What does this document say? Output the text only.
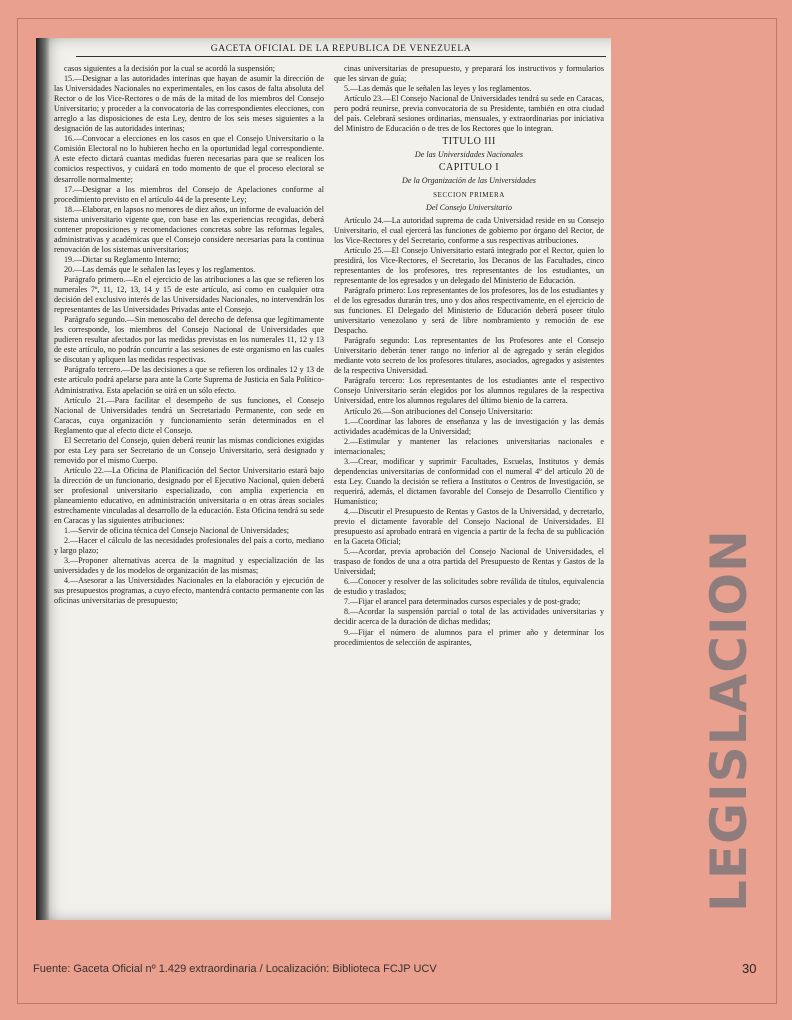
GACETA OFICIAL DE LA REPUBLICA DE VENEZUELA

casos siguientes a la decisión por la cual se acordó la suspensión;

15.—Designar a las autoridades interinas que hayan de asumir la dirección de las Universidades Nacionales no experimentales, en los casos de falta absoluta del Rector o de los Vice-Rectores o de más de la mitad de los miembros del Consejo Universitario; y proceder a la convocatoria de las correspondientes elecciones, con arreglo a las disposiciones de esta Ley, dentro de los seis meses siguientes a la designación de las autoridades interinas;

16.—Convocar a elecciones en los casos en que el Consejo Universitario o la Comisión Electoral no lo hubieren hecho en la oportunidad legal correspondiente. A este efecto dictará cuantas medidas fueren necesarias para que se realicen los comicios respectivos, y cuidará en todo momento de que el proceso electoral se desarrolle normalmente;

17.—Designar a los miembros del Consejo de Apelaciones conforme al procedimiento previsto en el artículo 44 de la presente Ley;

18.—Elaborar, en lapsos no menores de diez años, un informe de evaluación del sistema universitario vigente que, con base en las experiencias recogidas, deberá contener proposiciones y recomendaciones concretas sobre las reformas legales, administrativas y académicas que el Consejo considere necesarias para la continua renovación de los sistemas universitarios;

19.—Dictar su Reglamento Interno;

20.—Las demás que le señalen las leyes y los reglamentos.

Parágrafo primero.—En el ejercicio de las atribuciones a las que se refieren los numerales 7º, 11, 12, 13, 14 y 15 de este artículo, así como en cualquier otra decisión del exclusivo interés de las Universidades Nacionales, no intervendrán los representantes de las Universidades Privadas ante el Consejo.

Parágrafo segundo.—Sin menoscabo del derecho de defensa que legítimamente les corresponde, los miembros del Consejo Nacional de Universidades que pudieren resultar afectados por las medidas previstas en los numerales 11, 12 y 13 de este artículo, no podrán concurrir a las sesiones de este organismo en las cuales se discutan y apliquen las medidas respectivas.

Parágrafo tercero.—De las decisiones a que se refieren los ordinales 12 y 13 de este artículo podrá apelarse para ante la Corte Suprema de Justicia en Sala Político-Administrativa. Esta apelación se oirá en un sólo efecto.

Artículo 21.—Para facilitar el desempeño de sus funciones, el Consejo Nacional de Universidades tendrá un Secretariado Permanente, con sede en Caracas, cuya organización y funcionamiento serán determinados en el Reglamento que al efecto dicte el Consejo.

El Secretario del Consejo, quien deberá reunir las mismas condiciones exigidas por esta Ley para ser Secretario de un Consejo Universitario, será designado y removido por el mismo Cuerpo.

Artículo 22.—La Oficina de Planificación del Sector Universitario estará bajo la dirección de un funcionario, designado por el Ejecutivo Nacional, quien deberá ser profesional universitario especializado, con amplia experiencia en planeamiento educativo, en administración universitaria o en otras áreas sociales estrechamente vinculadas al desarrollo de la educación. Esta Oficina tendrá su sede en Caracas y las siguientes atribuciones:

1.—Servir de oficina técnica del Consejo Nacional de Universidades;

2.—Hacer el cálculo de las necesidades profesionales del país a corto, mediano y largo plazo;

3.—Proponer alternativas acerca de la magnitud y especialización de las universidades y de los modelos de organización de las mismas;

4.—Asesorar a las Universidades Nacionales en la elaboración y ejecución de sus presupuestos programas, a cuyo efecto, mantendrá contacto permanente con las oficinas universitarias de presupuesto;

cinas universitarias de presupuesto, y preparará los instructivos y formularios que les sirvan de guía;

5.—Las demás que le señalen las leyes y los reglamentos.

Artículo 23.—El Consejo Nacional de Universidades tendrá su sede en Caracas, pero podrá reunirse, previa convocatoria de su Presidente, también en otra ciudad del país. Celebrará sesiones ordinarias, mensuales, y extraordinarias por iniciativa del Ministro de Educación o de tres de los Rectores que lo integran.

TITULO III

De las Universidades Nacionales

CAPITULO I

De la Organización de las Universidades

SECCION PRIMERA

Del Consejo Universitario

Artículo 24.—La autoridad suprema de cada Universidad reside en su Consejo Universitario, el cual ejercerá las funciones de gobierno por órgano del Rector, de los Vice-Rectores y del Secretario, conforme a sus respectivas atribuciones.

Artículo 25.—El Consejo Universitario estará integrado por el Rector, quien lo presidirá, los Vice-Rectores, el Secretario, los Decanos de las Facultades, cinco representantes de los profesores, tres representantes de los estudiantes, un representante de los egresados y un delegado del Ministerio de Educación.

Parágrafo primero: Los representantes de los profesores, los de los estudiantes y el de los egresados durarán tres, uno y dos años respectivamente, en el ejercicio de sus funciones. El Delegado del Ministerio de Educación deberá poseer título universitario venezolano y será de libre nombramiento y remoción de ese Despacho.

Parágrafo segundo: Los representantes de los Profesores ante el Consejo Universitario deberán tener rango no inferior al de agregado y serán elegidos mediante voto secreto de los profesores titulares, asociados, agregados y asistentes de la respectiva Universidad.

Parágrafo tercero: Los representantes de los estudiantes ante el respectivo Consejo Universitario serán elegidos por los alumnos regulares de la respectiva Universidad, entre los alumnos regulares del último bienio de la carrera.

Artículo 26.—Son atribuciones del Consejo Universitario:

1.—Coordinar las labores de enseñanza y las de investigación y las demás actividades académicas de la Universidad;

2.—Estimular y mantener las relaciones universitarias nacionales e internacionales;

3.—Crear, modificar y suprimir Facultades, Escuelas, Institutos y demás dependencias universitarias de conformidad con el numeral 4º del artículo 20 de esta Ley. Cuando la decisión se refiera a Institutos o Centros de Investigación, se requerirá, además, el dictamen favorable del Consejo de Desarrollo Científico y Humanístico;

4.—Discutir el Presupuesto de Rentas y Gastos de la Universidad, y decretarlo, previo el dictamente favorable del Consejo Nacional de Universidades. El presupuesto así aprobado entrará en vigencia a partir de la fecha de su publicación en la Gaceta Oficial;

5.—Acordar, previa aprobación del Consejo Nacional de Universidades, el traspaso de fondos de una a otra partida del Presupuesto de Rentas y Gastos de la Universidad;

6.—Conocer y resolver de las solicitudes sobre reválida de títulos, equivalencia de estudio y traslados;

7.—Fijar el arancel para determinados cursos especiales y de post-grado;

8.—Acordar la suspensión parcial o total de las actividades universitarias y decidir acerca de la duración de dichas medidas;

9.—Fijar el número de alumnos para el primer año y determinar los procedimientos de selección de aspirantes,	LEGISLACION
Fuente: Gaceta Oficial nº 1.429 extraordinaria / Localización: Biblioteca FCJP UCV	30
